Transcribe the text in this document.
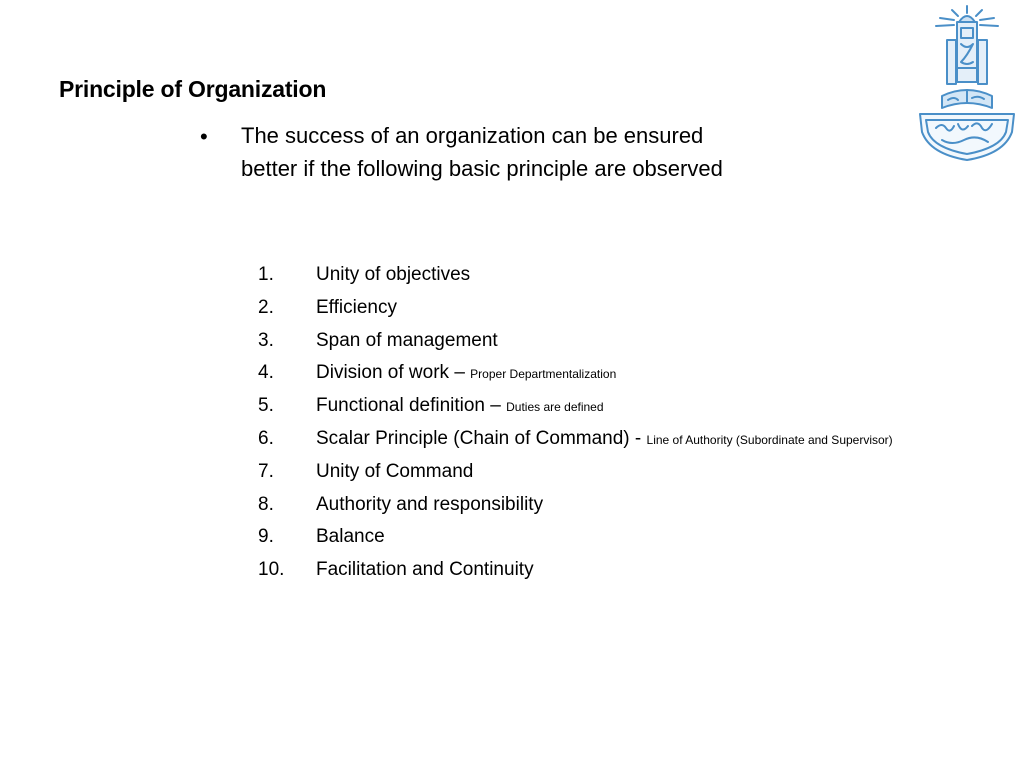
Principle of Organization
• The success of an organization can be ensured better if the following basic principle are observed
1. Unity of objectives
2. Efficiency
3. Span of management
4. Division of work – Proper Departmentalization
5. Functional definition – Duties are defined
6. Scalar Principle (Chain of Command) - Line of Authority (Subordinate and Supervisor)
7. Unity of Command
8. Authority and responsibility
9. Balance
10. Facilitation and Continuity
